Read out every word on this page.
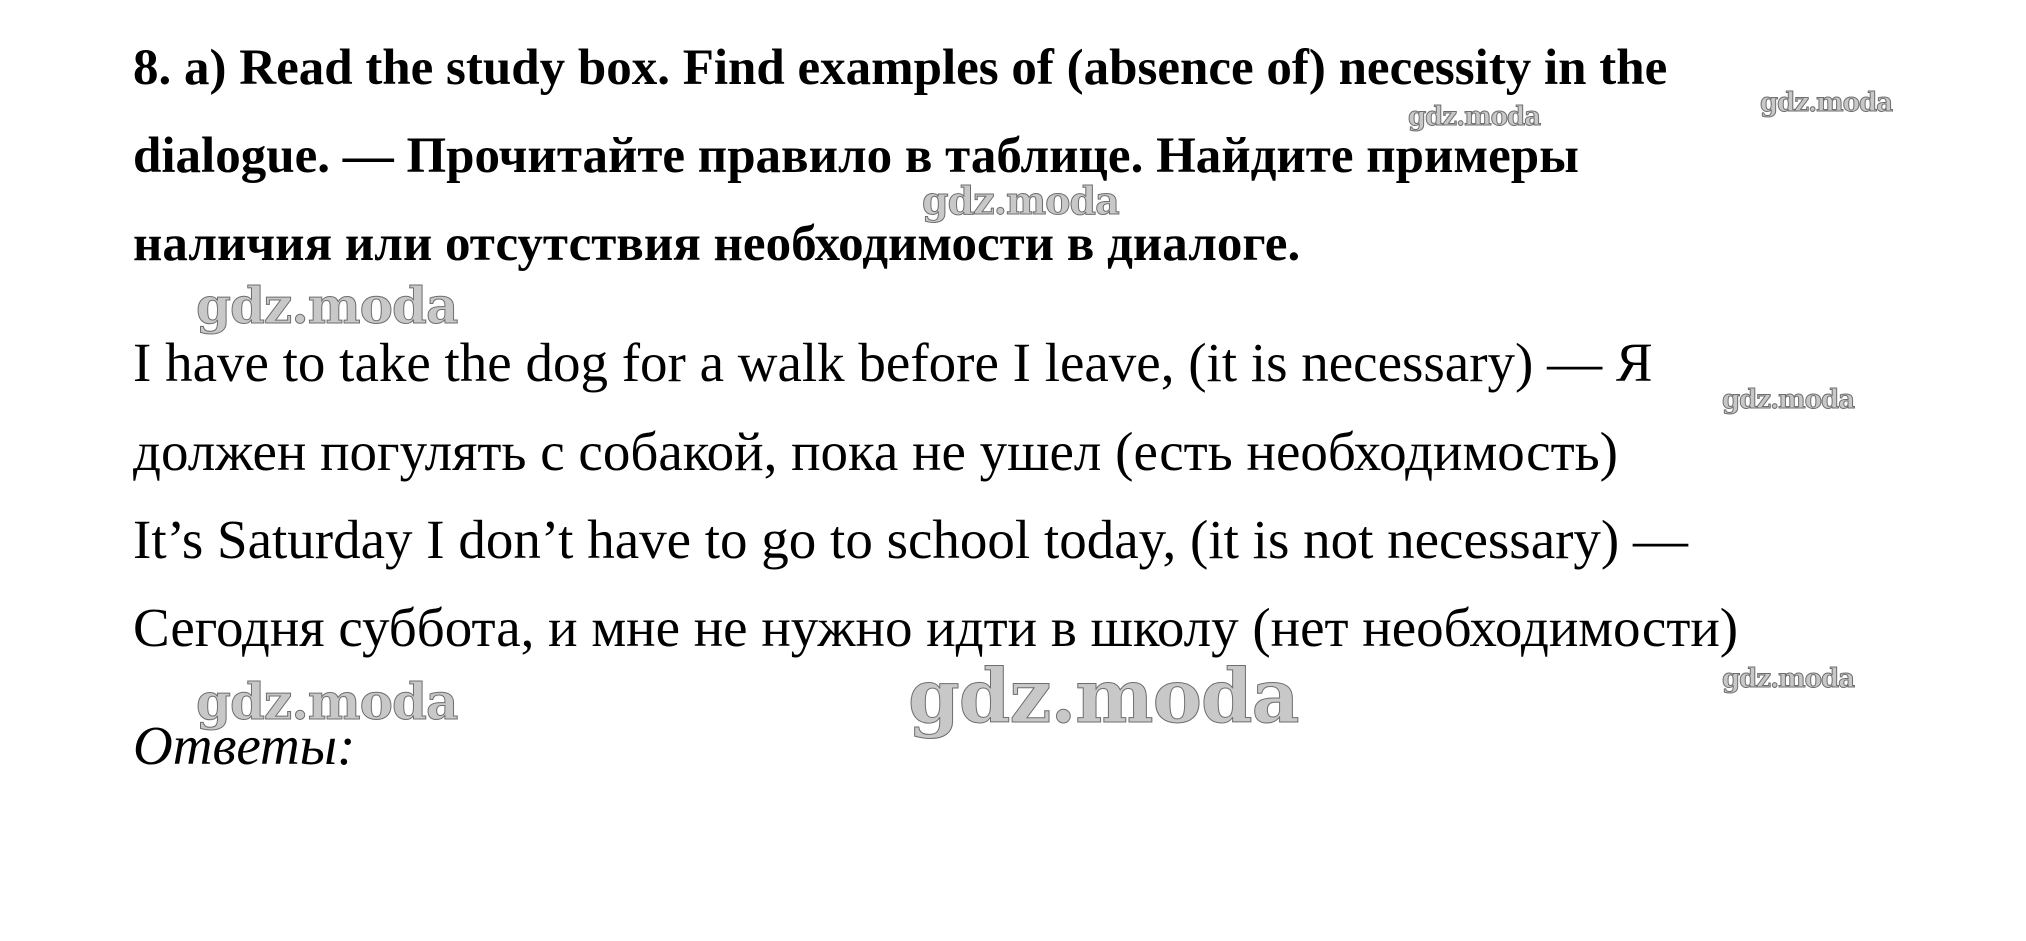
8. a) Read the study box. Find examples of (absence of) necessity in the

dialogue. — Прочитайте правило в таблице. Найдите примеры

наличия или отсутствия необходимости в диалоге.

I have to take the dog for a walk before I leave, (it is necessary) — Я

должен погулять с собакой, пока не ушел (есть необходимость)

It’s Saturday I don’t have to go to school today, (it is not necessary) —

Сегодня суббота, и мне не нужно идти в школу (нет необходимости)

Ответы:

gdz.moda
gdz.moda
gdz.moda
gdz.moda
gdz.moda
gdz.moda
gdz.moda	gdz.moda
